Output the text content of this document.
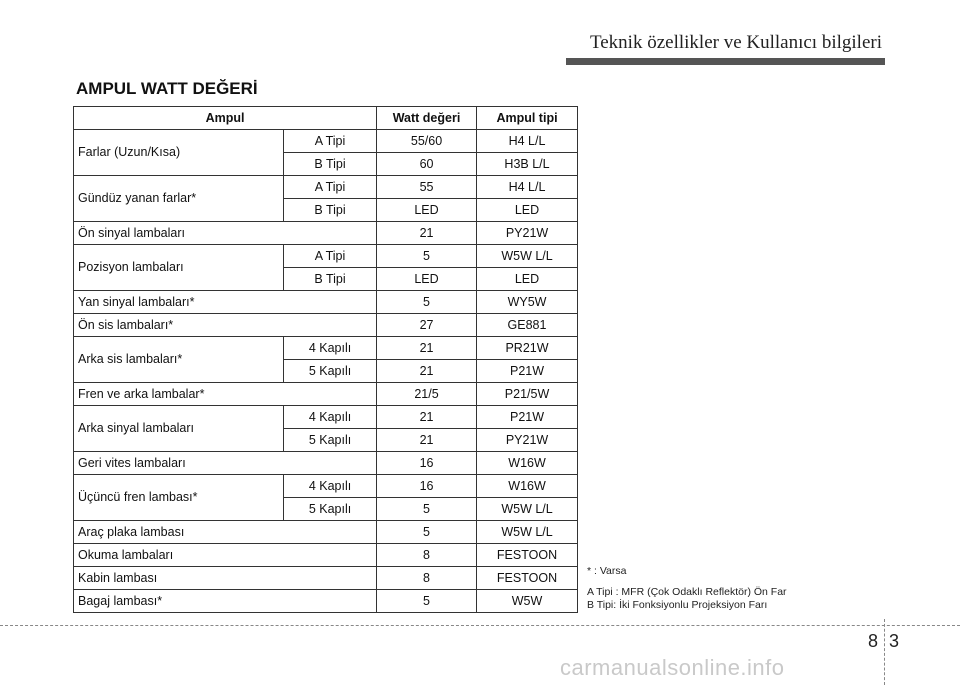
Teknik özellikler ve Kullanıcı bilgileri
AMPUL WATT DEĞERİ
Ampul		Watt değeri	Ampul tipi
Farlar (Uzun/Kısa)	A Tipi	55/60	H4 L/L
	B Tipi	60	H3B L/L
Gündüz yanan farlar*	A Tipi	55	H4 L/L
	B Tipi	LED	LED
Ön sinyal lambaları		21	PY21W
Pozisyon lambaları	A Tipi	5	W5W L/L
	B Tipi	LED	LED
Yan sinyal lambaları*		5	WY5W
Ön sis lambaları*		27	GE881
Arka sis lambaları*	4 Kapılı	21	PR21W
	5 Kapılı	21	P21W
Fren ve arka lambalar*		21/5	P21/5W
Arka sinyal lambaları	4 Kapılı	21	P21W
	5 Kapılı	21	PY21W
Geri vites lambaları		16	W16W
Üçüncü fren lambası*	4 Kapılı	16	W16W
	5 Kapılı	5	W5W L/L
Araç plaka lambası		5	W5W L/L
Okuma lambaları		8	FESTOON
Kabin lambası		8	FESTOON
Bagaj lambası*		5	W5W
* : Varsa
A Tipi : MFR (Çok Odaklı Reflektör) Ön Far
B Tipi: İki Fonksiyonlu Projeksiyon Farı
8 3
carmanualsonline.info
